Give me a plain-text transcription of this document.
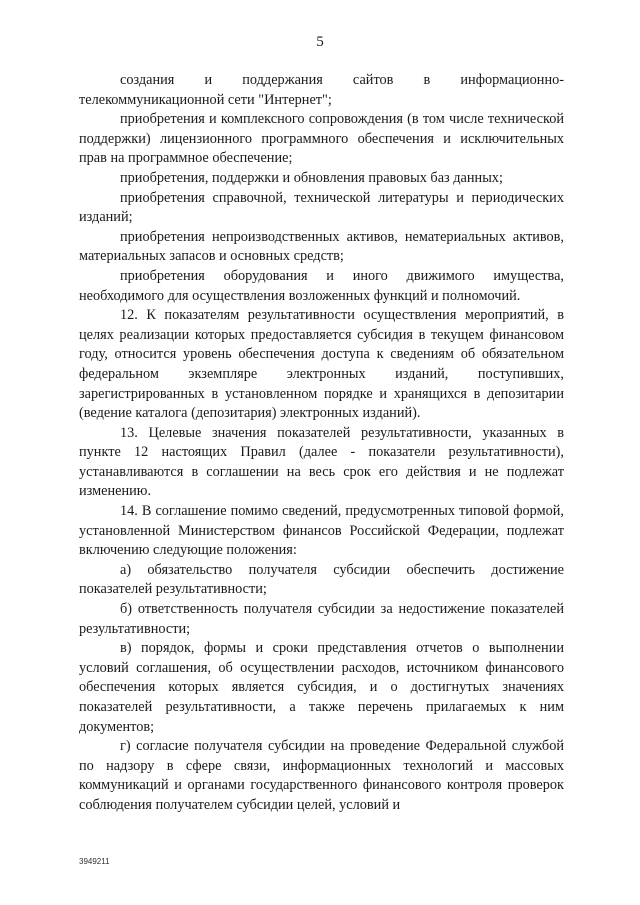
5

создания и поддержания сайтов в информационно-телекоммуникационной сети "Интернет";

приобретения и комплексного сопровождения (в том числе технической поддержки) лицензионного программного обеспечения и исключительных прав на программное обеспечение;

приобретения, поддержки и обновления правовых баз данных;

приобретения справочной, технической литературы и периодических изданий;

приобретения непроизводственных активов, нематериальных активов, материальных запасов и основных средств;

приобретения оборудования и иного движимого имущества, необходимого для осуществления возложенных функций и полномочий.

12. К показателям результативности осуществления мероприятий, в целях реализации которых предоставляется субсидия в текущем финансовом году, относится уровень обеспечения доступа к сведениям об обязательном федеральном экземпляре электронных изданий, поступивших, зарегистрированных в установленном порядке и хранящихся в депозитарии (ведение каталога (депозитария) электронных изданий).

13. Целевые значения показателей результативности, указанных в пункте 12 настоящих Правил (далее - показатели результативности), устанавливаются в соглашении на весь срок его действия и не подлежат изменению.

14. В соглашение помимо сведений, предусмотренных типовой формой, установленной Министерством финансов Российской Федерации, подлежат включению следующие положения:

а) обязательство получателя субсидии обеспечить достижение показателей результативности;

б) ответственность получателя субсидии за недостижение показателей результативности;

в) порядок, формы и сроки представления отчетов о выполнении условий соглашения, об осуществлении расходов, источником финансового обеспечения которых является субсидия, и о достигнутых значениях показателей результативности, а также перечень прилагаемых к ним документов;

г) согласие получателя субсидии на проведение Федеральной службой по надзору в сфере связи, информационных технологий и массовых коммуникаций и органами государственного финансового контроля проверок соблюдения получателем субсидии целей, условий и

3949211
